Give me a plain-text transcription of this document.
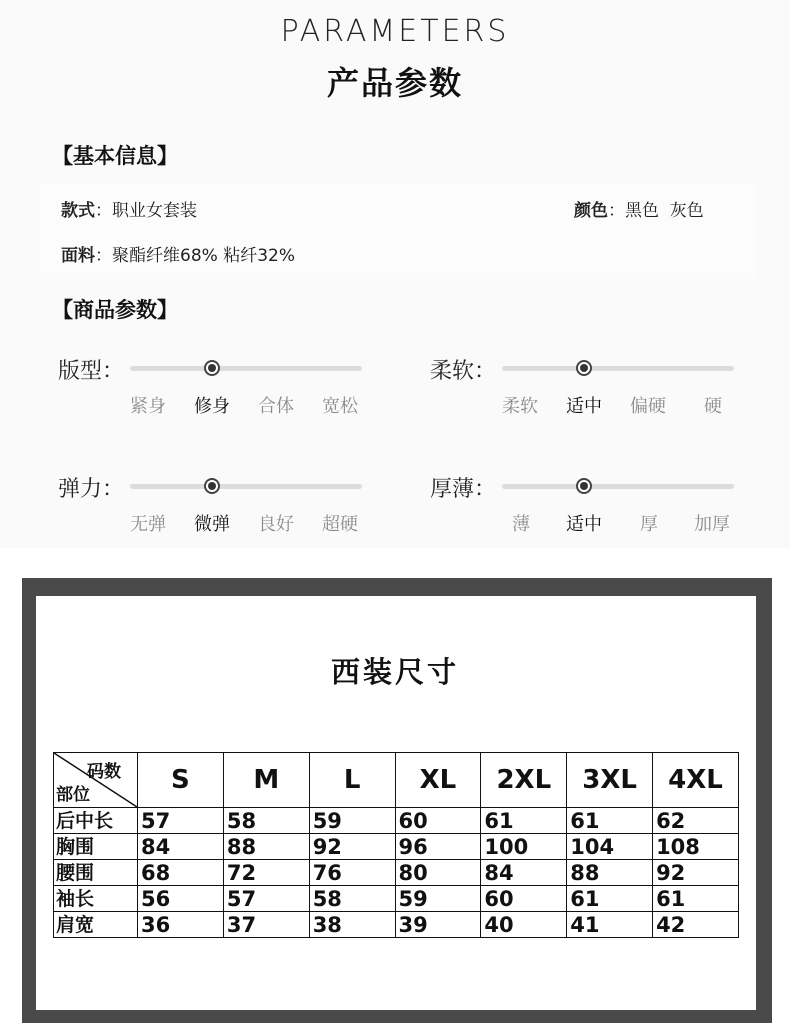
PARAMETERS
产品参数
【基本信息】
款式：职业女套装	颜色：黑色  灰色
面料：聚酯纤维68% 粘纤32%
【商品参数】
版型：
紧身 修身 合体 宽松
柔软：
柔软 适中 偏硬 硬
弹力：
无弹 微弹 良好 超硬
厚薄：
薄 适中 厚 加厚
西装尺寸
码数
部位	S	M	L	XL	2XL	3XL	4XL
后中长	57	58	59	60	61	61	62
胸围	84	88	92	96	100	104	108
腰围	68	72	76	80	84	88	92
袖长	56	57	58	59	60	61	61
肩宽	36	37	38	39	40	41	42
